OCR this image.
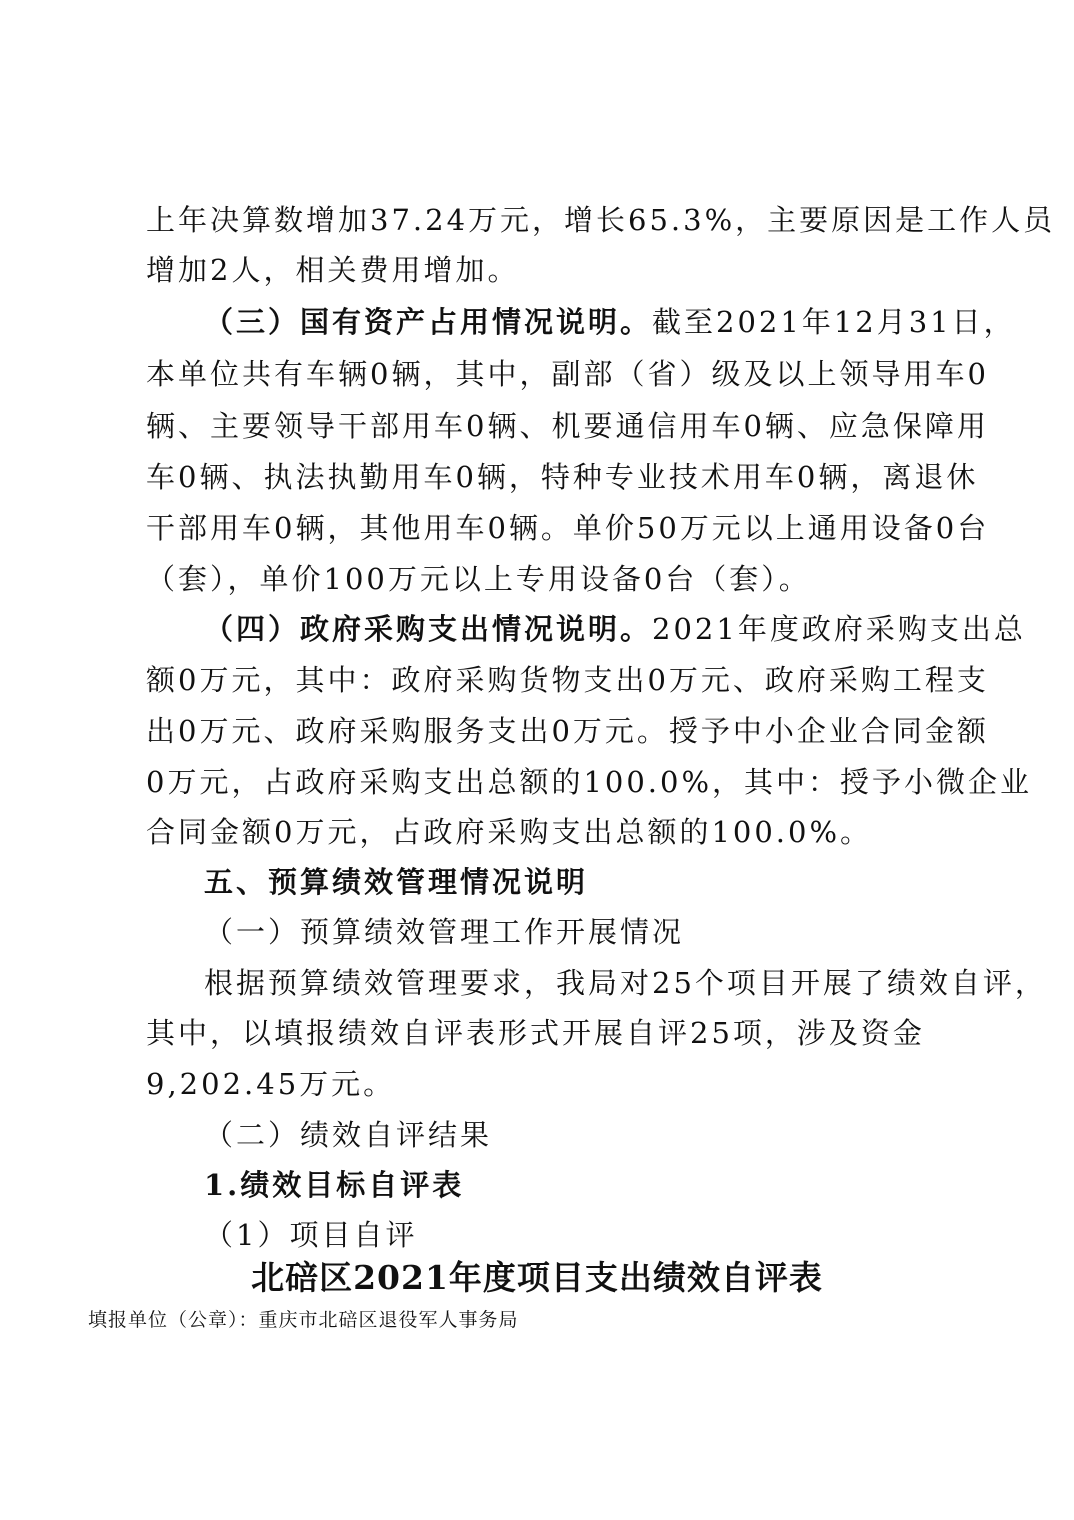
上年决算数增加37.24万元，增长65.3%，主要原因是工作人员
增加2人，相关费用增加。
（三）国有资产占用情况说明。截至2021年12月31日，
本单位共有车辆0辆，其中，副部（省）级及以上领导用车0
辆、主要领导干部用车0辆、机要通信用车0辆、应急保障用
车0辆、执法执勤用车0辆，特种专业技术用车0辆，离退休
干部用车0辆，其他用车0辆。单价50万元以上通用设备0台
（套），单价100万元以上专用设备0台（套）。
（四）政府采购支出情况说明。2021年度政府采购支出总
额0万元，其中：政府采购货物支出0万元、政府采购工程支
出0万元、政府采购服务支出0万元。授予中小企业合同金额
0万元，占政府采购支出总额的100.0%，其中：授予小微企业
合同金额0万元，占政府采购支出总额的100.0%。
五、预算绩效管理情况说明
（一）预算绩效管理工作开展情况
根据预算绩效管理要求，我局对25个项目开展了绩效自评，
其中，以填报绩效自评表形式开展自评25项，涉及资金
9,202.45万元。
（二）绩效自评结果
1.绩效目标自评表
（1）项目自评
北碚区2021年度项目支出绩效自评表
填报单位（公章）：重庆市北碚区退役军人事务局
